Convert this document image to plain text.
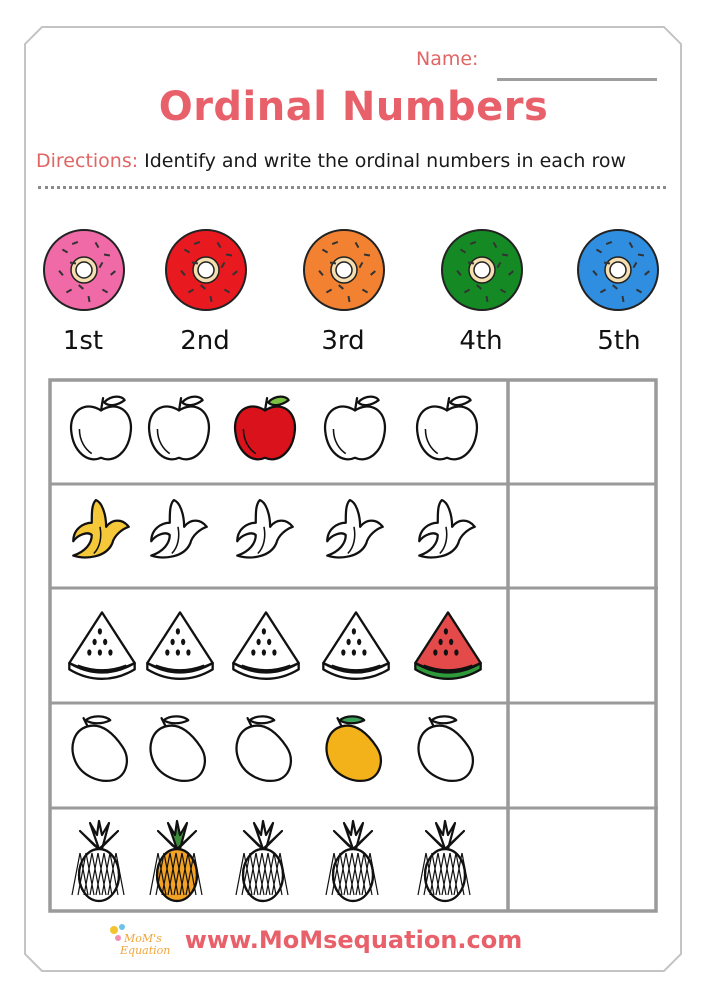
Name:
Ordinal Numbers
Directions: Identify and write the ordinal numbers in each row
1st	2nd	3rd	4th	5th
MoM's
Equation www.MoMsequation.com
